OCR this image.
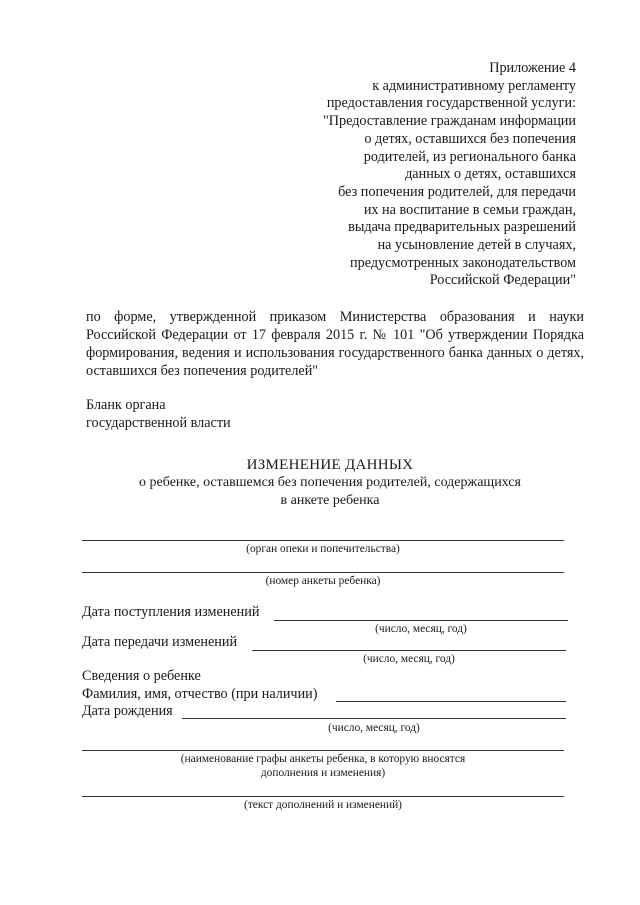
Приложение 4
к административному регламенту
предоставления государственной услуги:
"Предоставление гражданам информации
о детях, оставшихся без попечения
родителей, из регионального банка
данных о детях, оставшихся
без попечения родителей, для передачи
их на воспитание в семьи граждан,
выдача предварительных разрешений
на усыновление детей в случаях,
предусмотренных законодательством
Российской Федерации"
по форме, утвержденной приказом Министерства образования и науки Российской Федерации от 17 февраля 2015 г. № 101 "Об утверждении Порядка формирования, ведения и использования государственного банка данных о детях, оставшихся без попечения родителей"
Бланк органа
государственной власти
ИЗМЕНЕНИЕ ДАННЫХ
о ребенке, оставшемся без попечения родителей, содержащихся
в анкете ребенка
(орган опеки и попечительства)
(номер анкеты ребенка)
Дата поступления изменений
(число, месяц, год)
Дата передачи изменений
(число, месяц, год)
Сведения о ребенке
Фамилия, имя, отчество (при наличии)
Дата рождения
(число, месяц, год)
(наименование графы анкеты ребенка, в которую вносятся
дополнения и изменения)
(текст дополнений и изменений)
